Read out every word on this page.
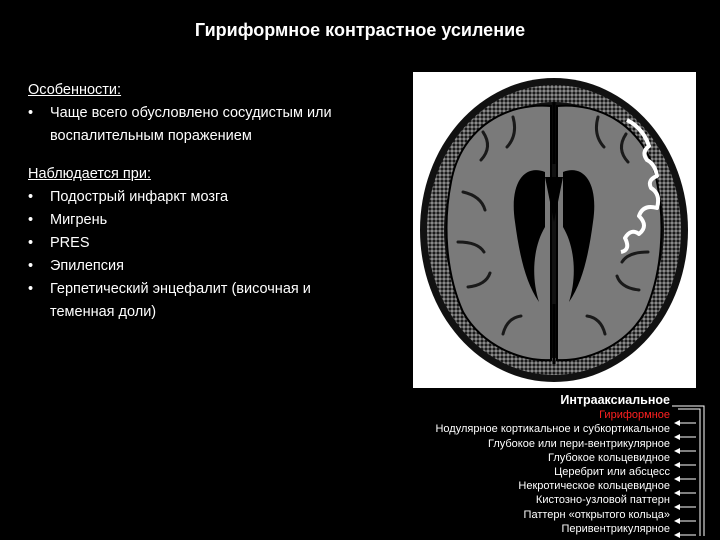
Гириформное контрастное усиление
Особенности:
• Чаще всего обусловлено сосудистым или воспалительным поражением
Наблюдается при:
• Подострый инфаркт мозга
• Мигрень
• PRES
• Эпилепсия
• Герпетический энцефалит (височная и теменная доли)
Интрааксиальное
Гириформное
Нодулярное кортикальное и субкортикальное
Глубокое или пери-вентрикулярное
Глубокое кольцевидное
Церебрит или абсцесс
Некротическое кольцевидное
Кистозно-узловой паттерн
Паттерн «открытого кольца»
Перивентрикулярное
